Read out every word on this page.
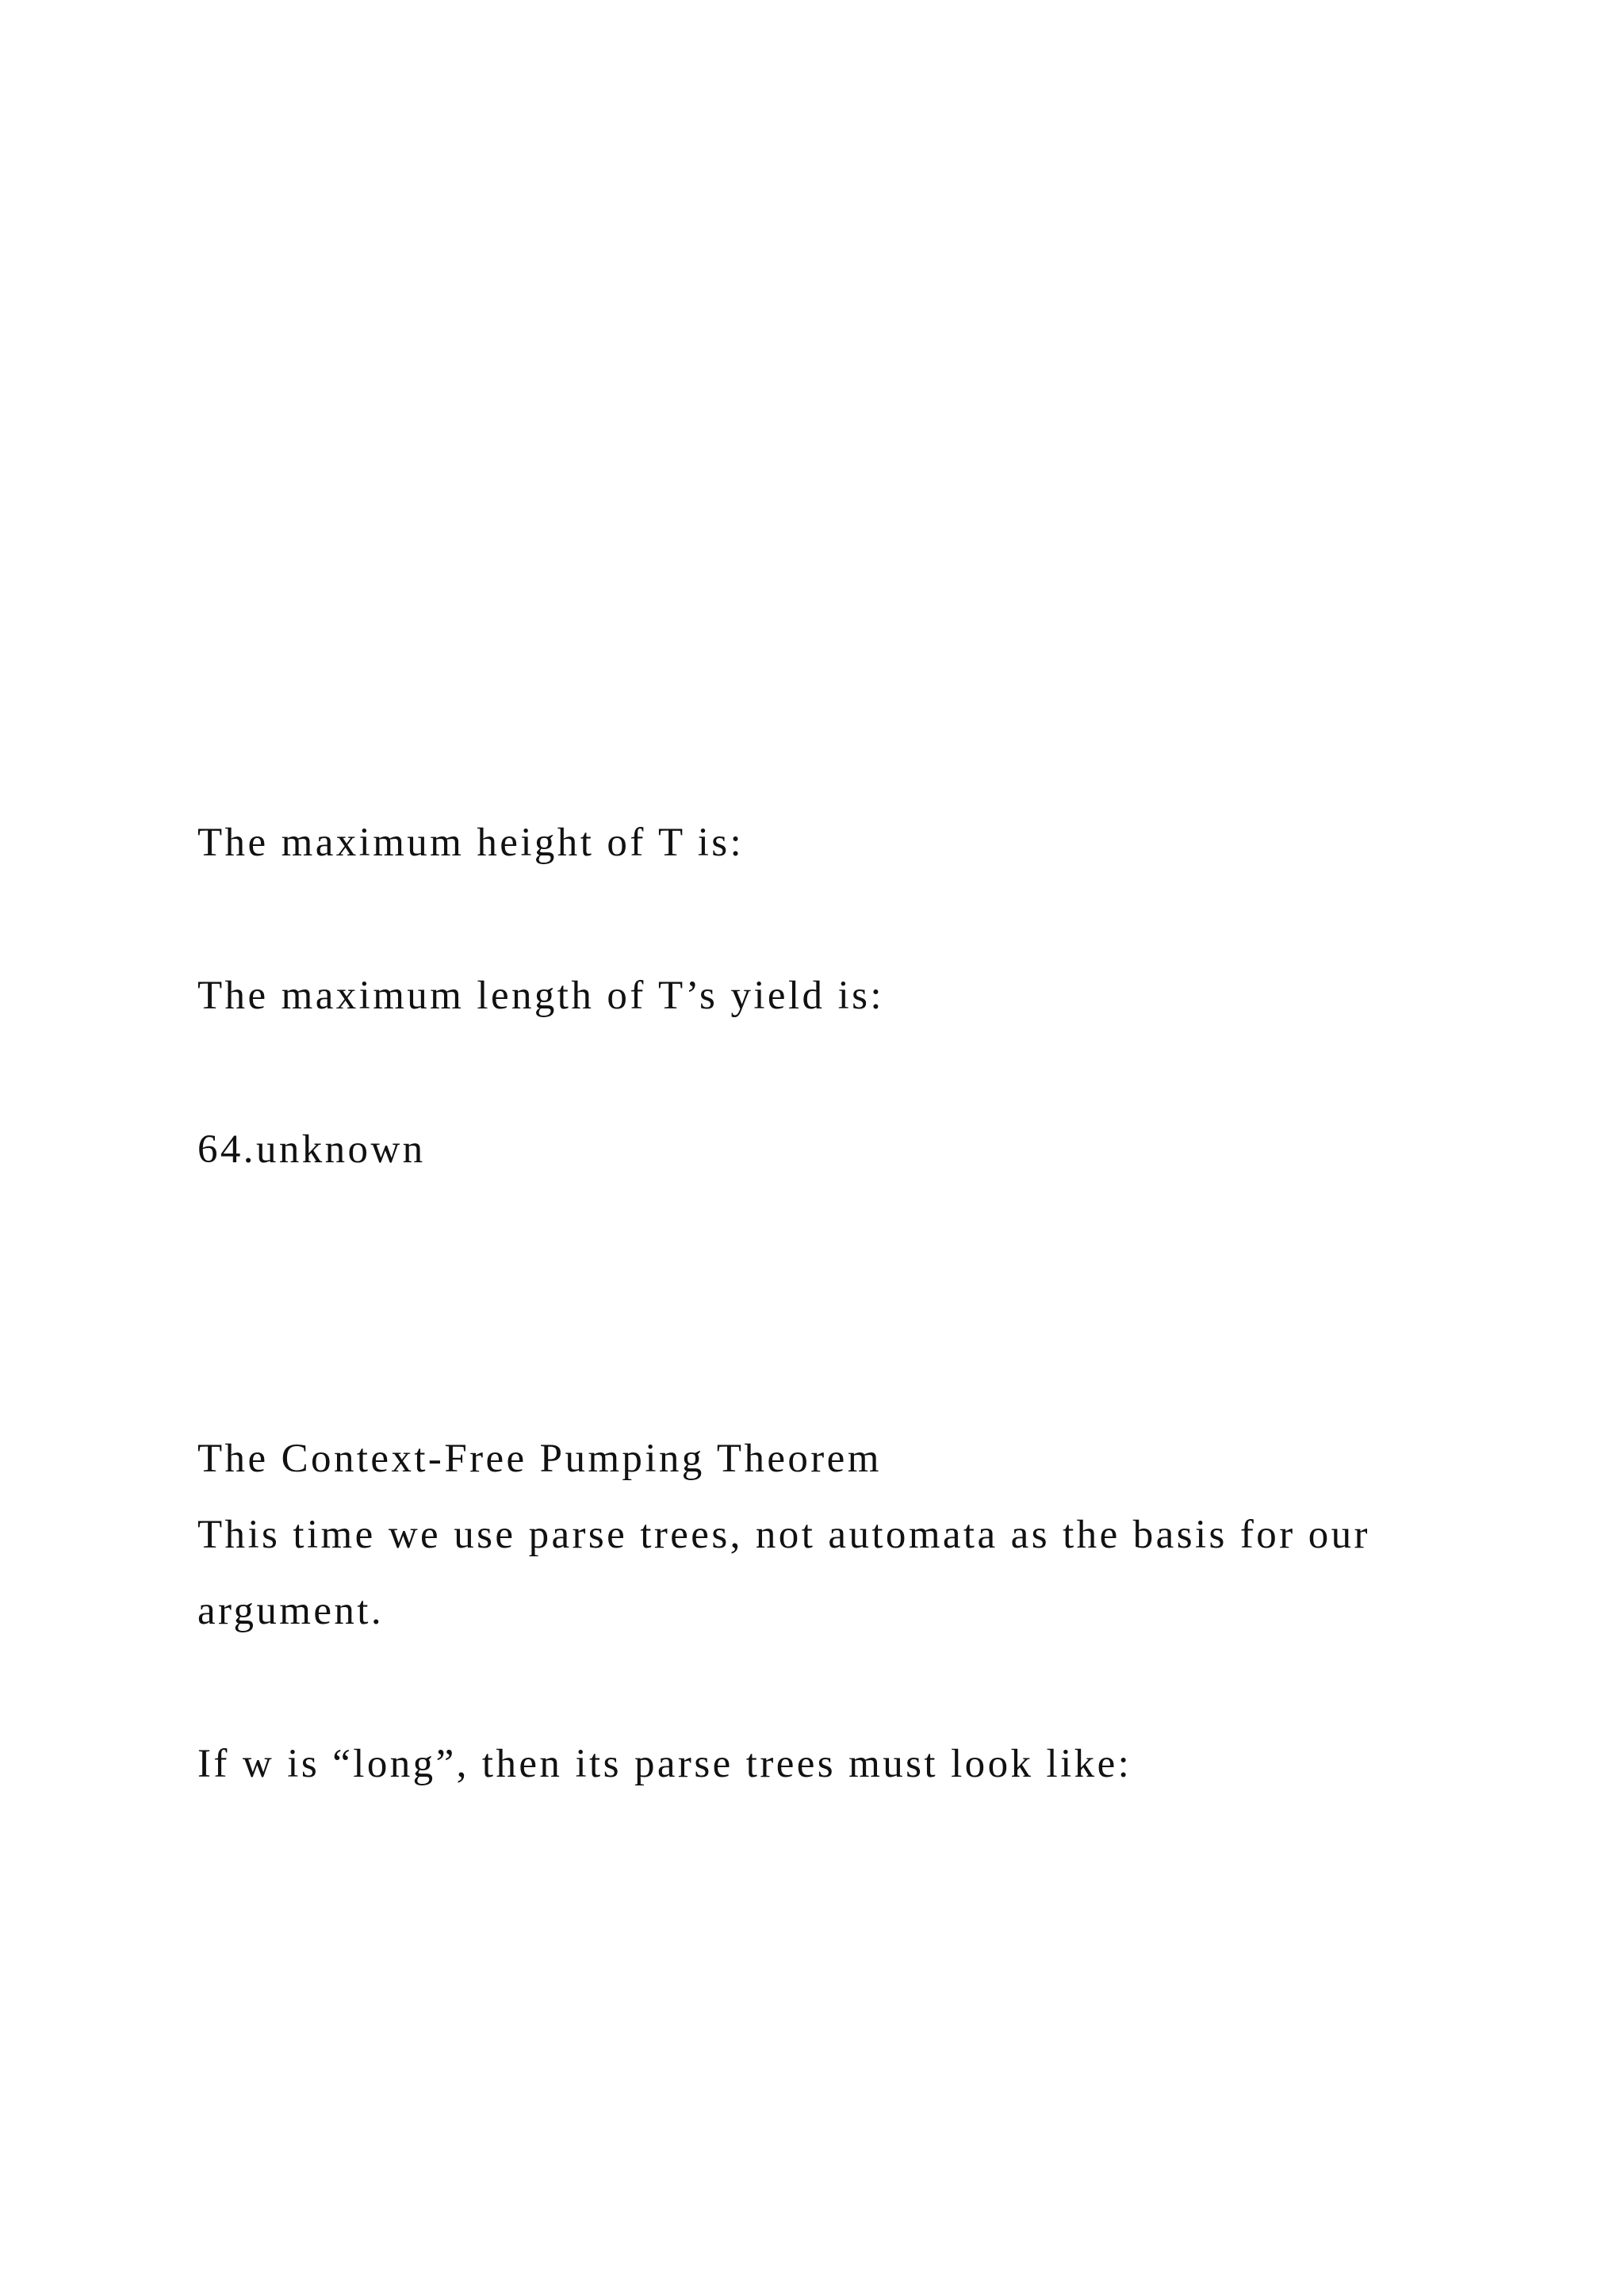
The maximum height of T is:

The maximum length of T’s yield is:

64.unknown

The Context-Free Pumping Theorem

This time we use parse trees, not automata as the basis for our

argument.

If w is “long”, then its parse trees must look like:
